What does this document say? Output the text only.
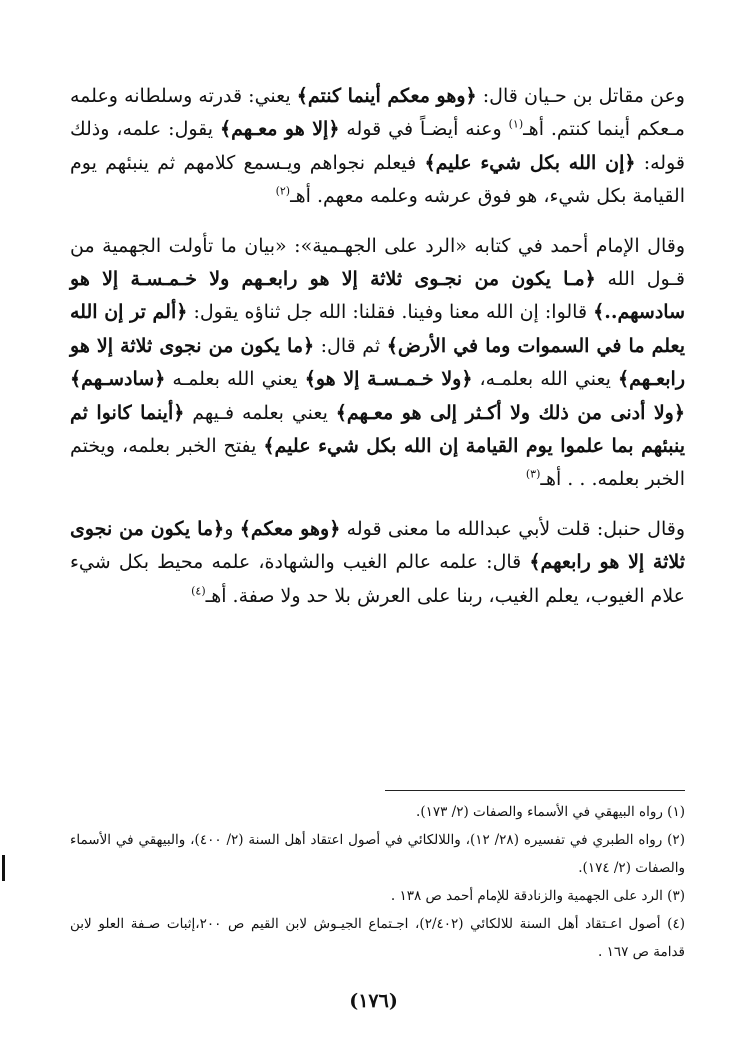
وعن مقاتل بن حـيان قال: ﴿وهو معكم أينما كنتم﴾ يعني: قدرته وسلطانه وعلمه مـعكم أينما كنتم. أهـ$^{(١)}$ وعنه أيضـاً في قوله ﴿إلا هو معـهم﴾ يقول: علمه، وذلك قوله: ﴿إن الله بكل شيء عليم﴾ فيعلم نجواهم ويـسمع كلامهم ثم ينبئهم يوم القيامة بكل شيء، هو فوق عرشه وعلمه معهم. أهـ$^{(٢)}$

وقال الإمام أحمد في كتابه «الرد على الجهـمية»: «بيان ما تأولت الجهمية من قـول الله ﴿مـا يكون من نجـوى ثلاثة إلا هو رابعـهم ولا خـمـسـة إلا هو سادسهم..﴾ قالوا: إن الله معنا وفينا. فقلنا: الله جل ثناؤه يقول: ﴿ألم تر إن الله يعلم ما في السموات وما في الأرض﴾ ثم قال: ﴿ما يكون من نجوى ثلاثة إلا هو رابعـهم﴾ يعني الله بعلمـه، ﴿ولا خـمـسـة إلا هو﴾ يعني الله بعلمـه ﴿سادسـهم﴾ ﴿ولا أدنى من ذلك ولا أكـثر إلى هو معـهم﴾ يعني بعلمه فـيهم ﴿أينما كانوا ثم ينبئهم بما علموا يوم القيامة إن الله بكل شيء عليم﴾ يفتح الخبر بعلمه، ويختم الخبر بعلمه. . . أهـ$^{(٣)}$

وقال حنبل: قلت لأبي عبدالله ما معنى قوله ﴿وهو معكم﴾ و﴿ما يكون من نجوى ثلاثة إلا هو رابعهم﴾ قال: علمه عالم الغيب والشهادة، علمه محيط بكل شيء علام الغيوب، يعلم الغيب، ربنا على العرش بلا حد ولا صفة. أهـ$^{(٤)}$

(١) رواه البيهقي في الأسماء والصفات (٢/ ١٧٣).

(٢) رواه الطبري في تفسيره (٢٨/ ١٢)، واللالكائي في أصول اعتقاد أهل السنة (٢/ ٤٠٠)، والبيهقي في الأسماء والصفات (٢/ ١٧٤).

(٣) الرد على الجهمية والزنادقة للإمام أحمد ص ١٣٨ .

(٤) أصول اعـتقاد أهل السنة للالكائي (٢/٤٠٢)، اجـتماع الجيـوش لابن القيم ص ٢٠٠،إثبات صـفة العلو لابن قدامة ص ١٦٧ .

(١٧٦)
